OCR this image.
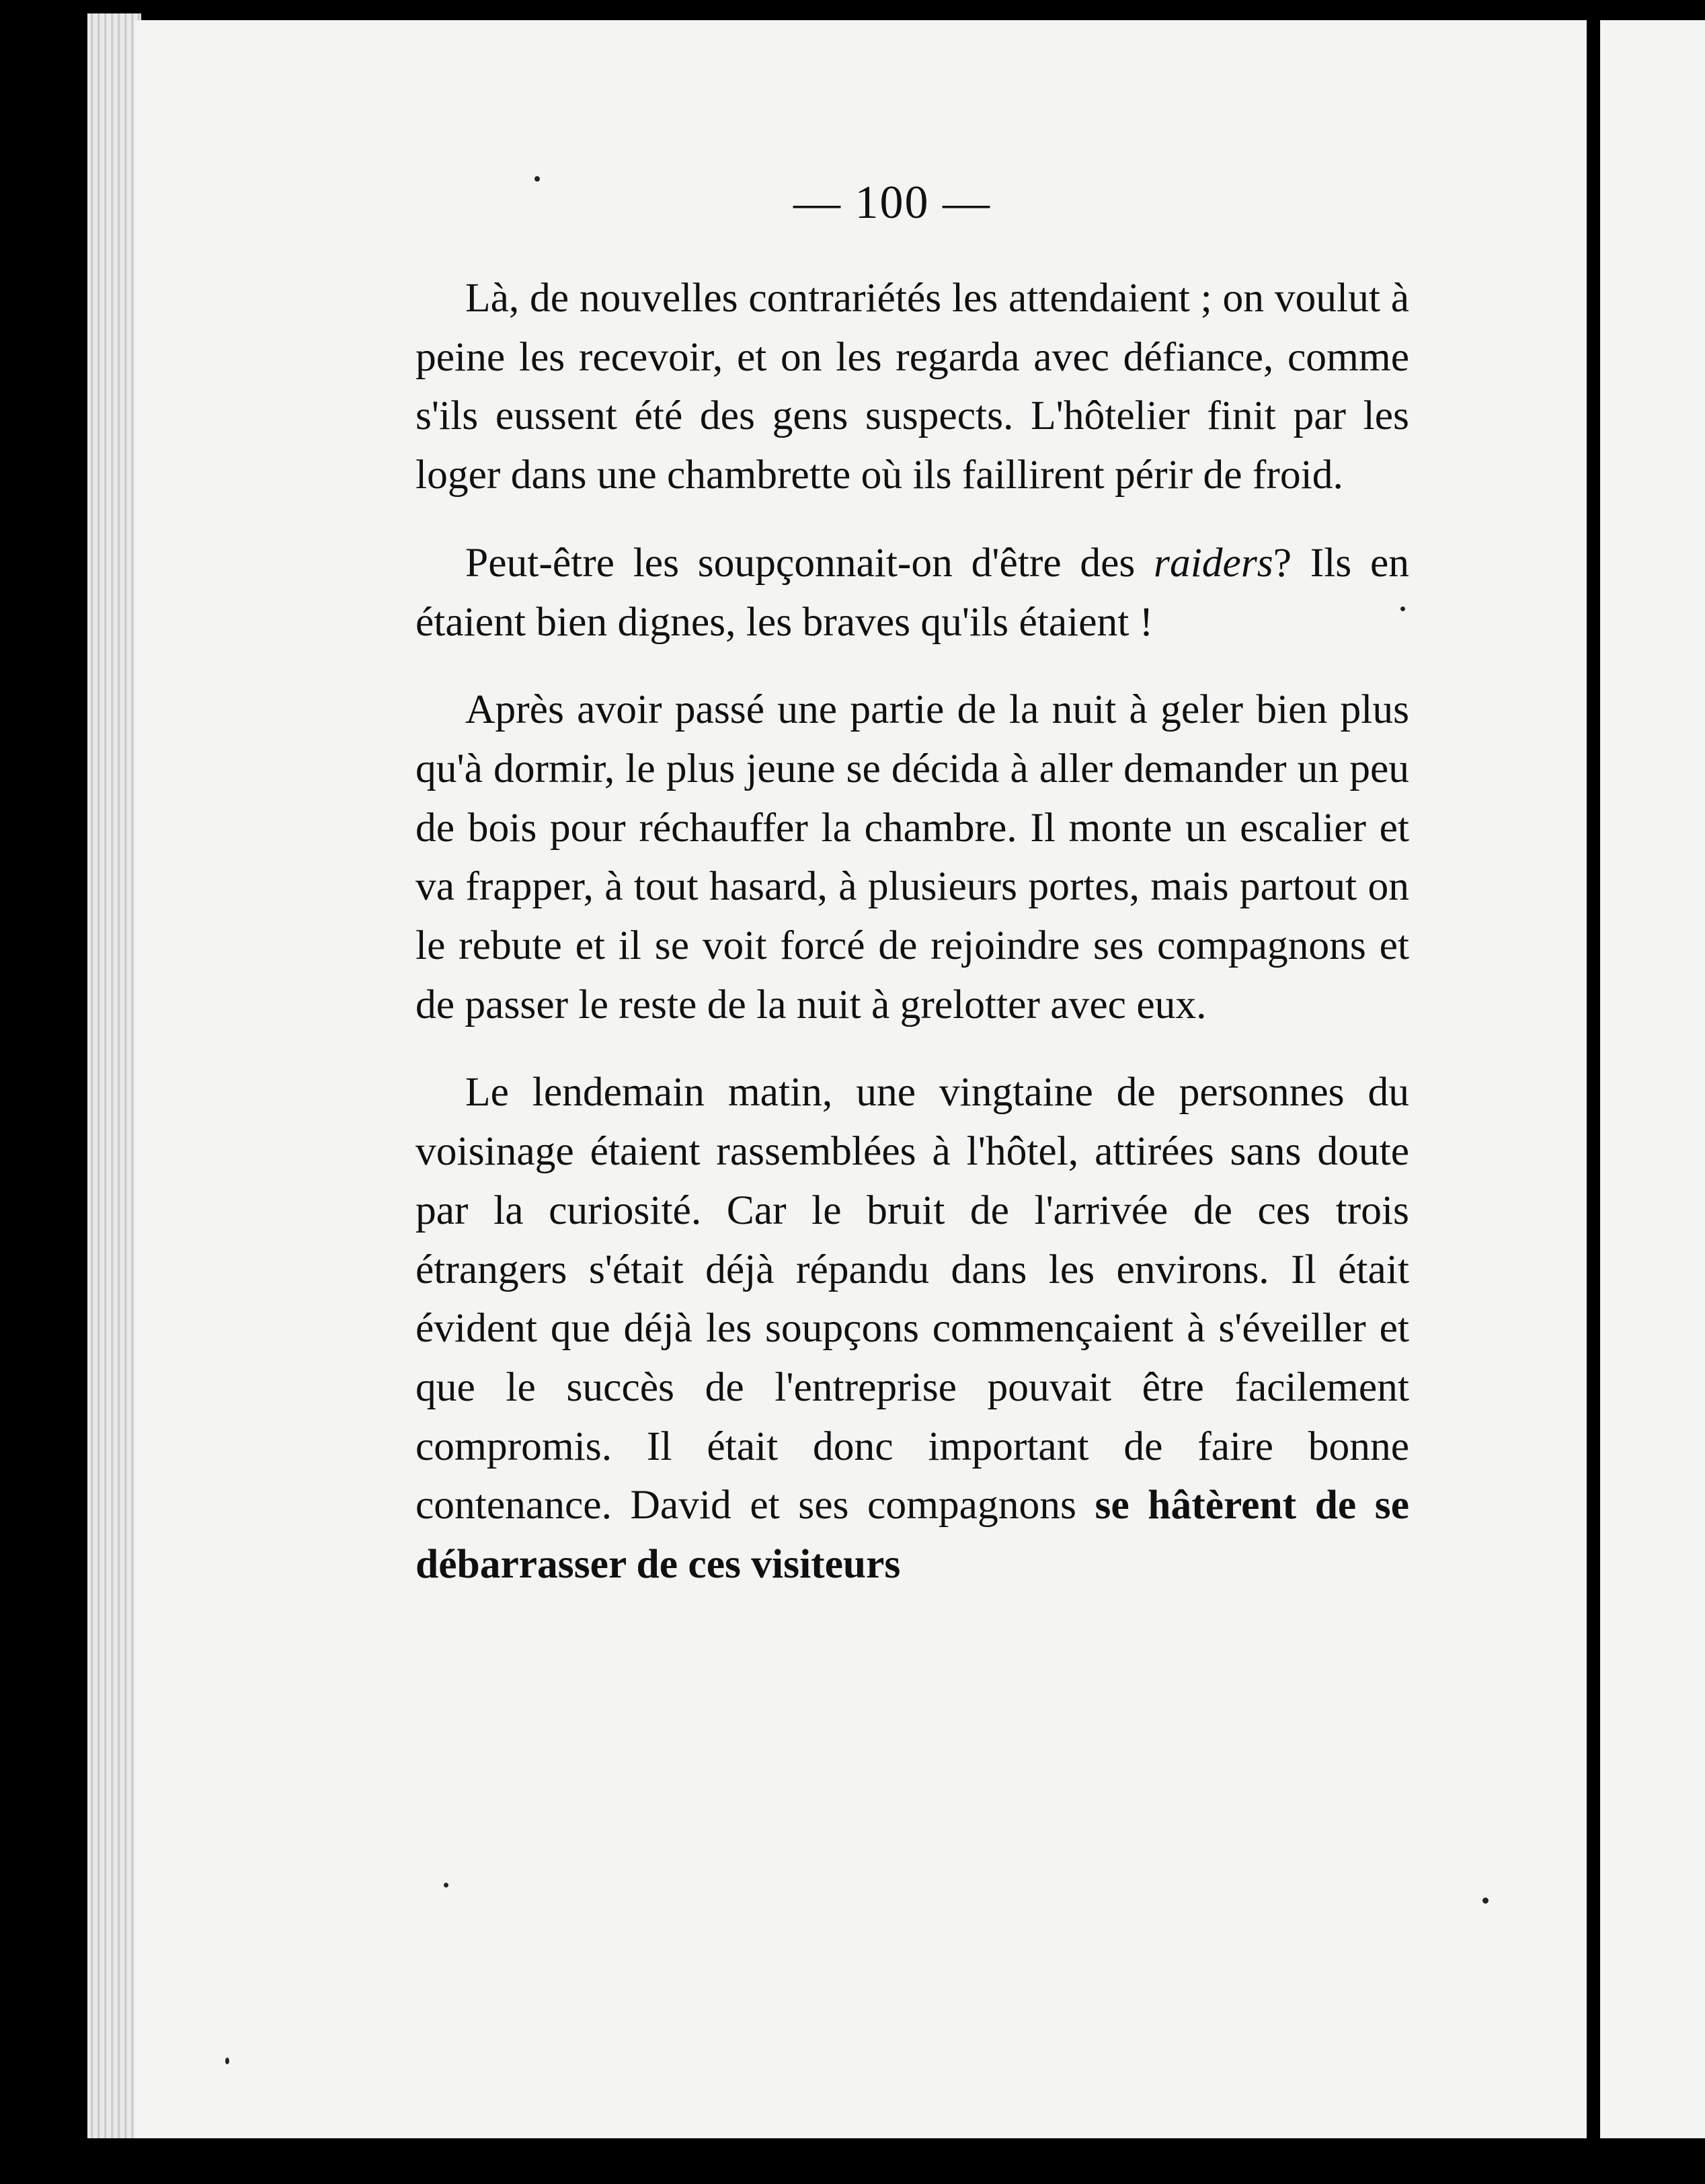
— 100 —

Là, de nouvelles contrariétés les attendaient ; on voulut à peine les recevoir, et on les regarda avec défiance, comme s'ils eussent été des gens suspects. L'hôtelier finit par les loger dans une chambrette où ils faillirent périr de froid.

Peut-être les soupçonnait-on d'être des raiders? Ils en étaient bien dignes, les braves qu'ils étaient !

Après avoir passé une partie de la nuit à geler bien plus qu'à dormir, le plus jeune se décida à aller demander un peu de bois pour réchauffer la chambre. Il monte un escalier et va frapper, à tout hasard, à plusieurs portes, mais partout on le rebute et il se voit forcé de rejoindre ses compagnons et de passer le reste de la nuit à grelotter avec eux.

Le lendemain matin, une vingtaine de personnes du voisinage étaient rassemblées à l'hôtel, attirées sans doute par la curiosité. Car le bruit de l'arrivée de ces trois étrangers s'était déjà répandu dans les environs. Il était évident que déjà les soupçons commençaient à s'éveiller et que le succès de l'entreprise pouvait être facilement compromis. Il était donc important de faire bonne contenance. David et ses compagnons se hâtèrent de se débarrasser de ces visiteurs
